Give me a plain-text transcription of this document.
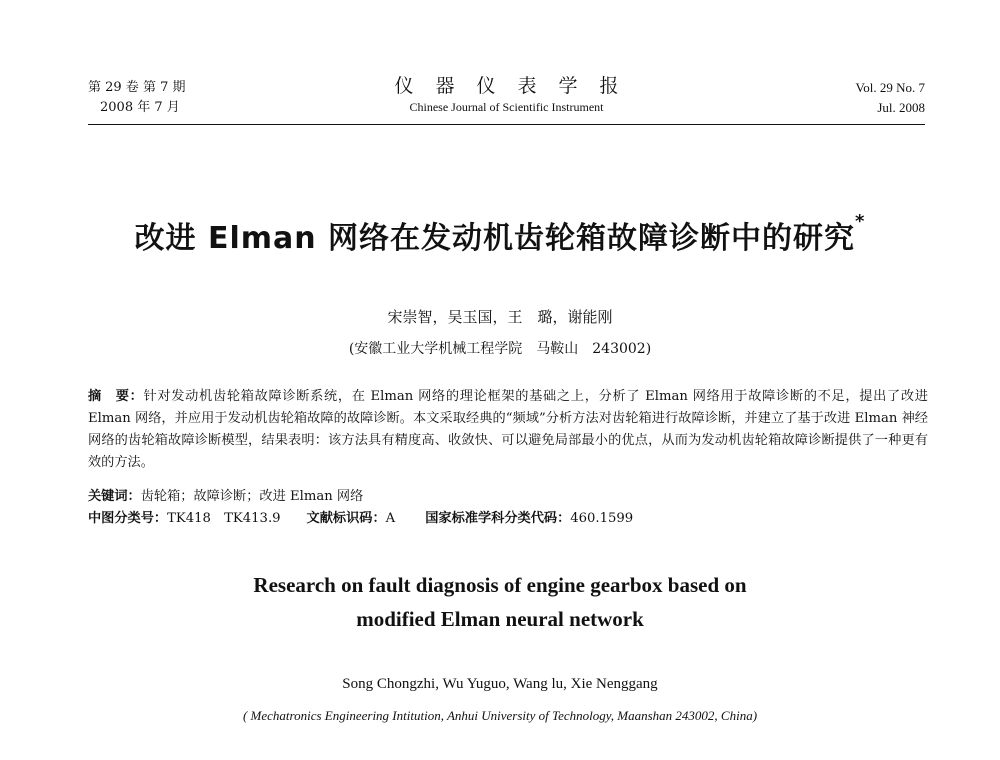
第 29 卷 第 7 期
2008 年 7 月
仪器仪表学报
Chinese Journal of Scientific Instrument
Vol. 29 No. 7
Jul. 2008
改进 Elman 网络在发动机齿轮箱故障诊断中的研究*
宋崇智，吴玉国，王　璐，谢能刚
(安徽工业大学机械工程学院　马鞍山　243002)
摘　要：针对发动机齿轮箱故障诊断系统，在 Elman 网络的理论框架的基础之上，分析了 Elman 网络用于故障诊断的不足，提出了改进 Elman 网络，并应用于发动机齿轮箱故障的故障诊断。本文采取经典的“频域”分析方法对齿轮箱进行故障诊断，并建立了基于改进 Elman 神经网络的齿轮箱故障诊断模型，结果表明：该方法具有精度高、收敛快、可以避免局部最小的优点，从而为发动机齿轮箱故障诊断提供了一种更有效的方法。
关键词：齿轮箱；故障诊断；改进 Elman 网络
中图分类号：TK418　TK413.9 文献标识码：A 国家标准学科分类代码：460.1599
Research on fault diagnosis of engine gearbox based on
modified Elman neural network
Song Chongzhi, Wu Yuguo, Wang lu, Xie Nenggang
( Mechatronics Engineering Intitution, Anhui University of Technology, Maanshan 243002, China)
